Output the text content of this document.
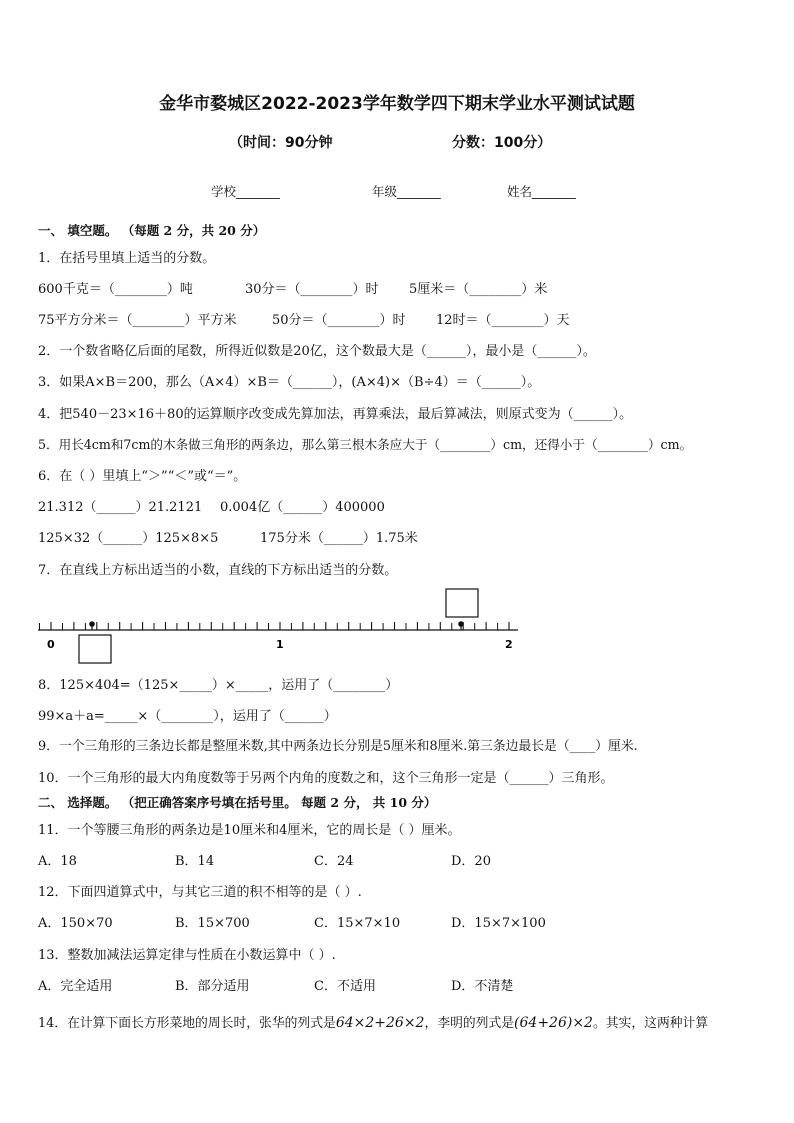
金华市婺城区2022-2023学年数学四下期末学业水平测试试题
（时间：90分钟	分数：100分）
学校_______	年级_______	姓名_______
一、 填空题。 （每题 2 分，共 20 分）
1．在括号里填上适当的分数。
600千克＝（________）吨	30分＝（________）时 5厘米＝（________）米
75平方分米＝（________）平方米	50分＝（________）时 12时＝（________）天
2．一个数省略亿后面的尾数，所得近似数是20亿，这个数最大是（______），最小是（______）。
3．如果A×B＝200，那么（A×4）×B＝（______），(A×4)×（B÷4）＝（______）。
4．把540－23×16＋80的运算顺序改变成先算加法，再算乘法，最后算减法，则原式变为（______）。
5．用长4cm和7cm的木条做三角形的两条边，那么第三根木条应大于（________）cm，还得小于（________）cm。
6．在（ ）里填上“＞”“＜”或“＝”。
21.312（______）21.2121 0.004亿（______）400000
125×32（______）125×8×5	175分米（______）1.75米
7．在直线上方标出适当的小数，直线的下方标出适当的分数。
0	1	2
8．125×404=（125×_____）×_____，运用了（________）
99×a＋a=_____×（________），运用了（______）
9．一个三角形的三条边长都是整厘米数,其中两条边长分别是5厘米和8厘米.第三条边最长是（____）厘米.
10．一个三角形的最大内角度数等于另两个内角的度数之和，这个三角形一定是（______）三角形。
二、 选择题。 （把正确答案序号填在括号里。 每题 2 分， 共 10 分）
11．一个等腰三角形的两条边是10厘米和4厘米，它的周长是（ ）厘米。
A．18	B．14	C．24	D．20
12．下面四道算式中，与其它三道的积不相等的是（ ）.
A．150×70	B．15×700	C．15×7×10	D．15×7×100
13．整数加减法运算定律与性质在小数运算中（ ）.
A．完全适用	B．部分适用	C．不适用	D．不清楚
14．在计算下面长方形菜地的周长时，张华的列式是64×2+26×2，李明的列式是(64+26)×2。其实，这两种计算
